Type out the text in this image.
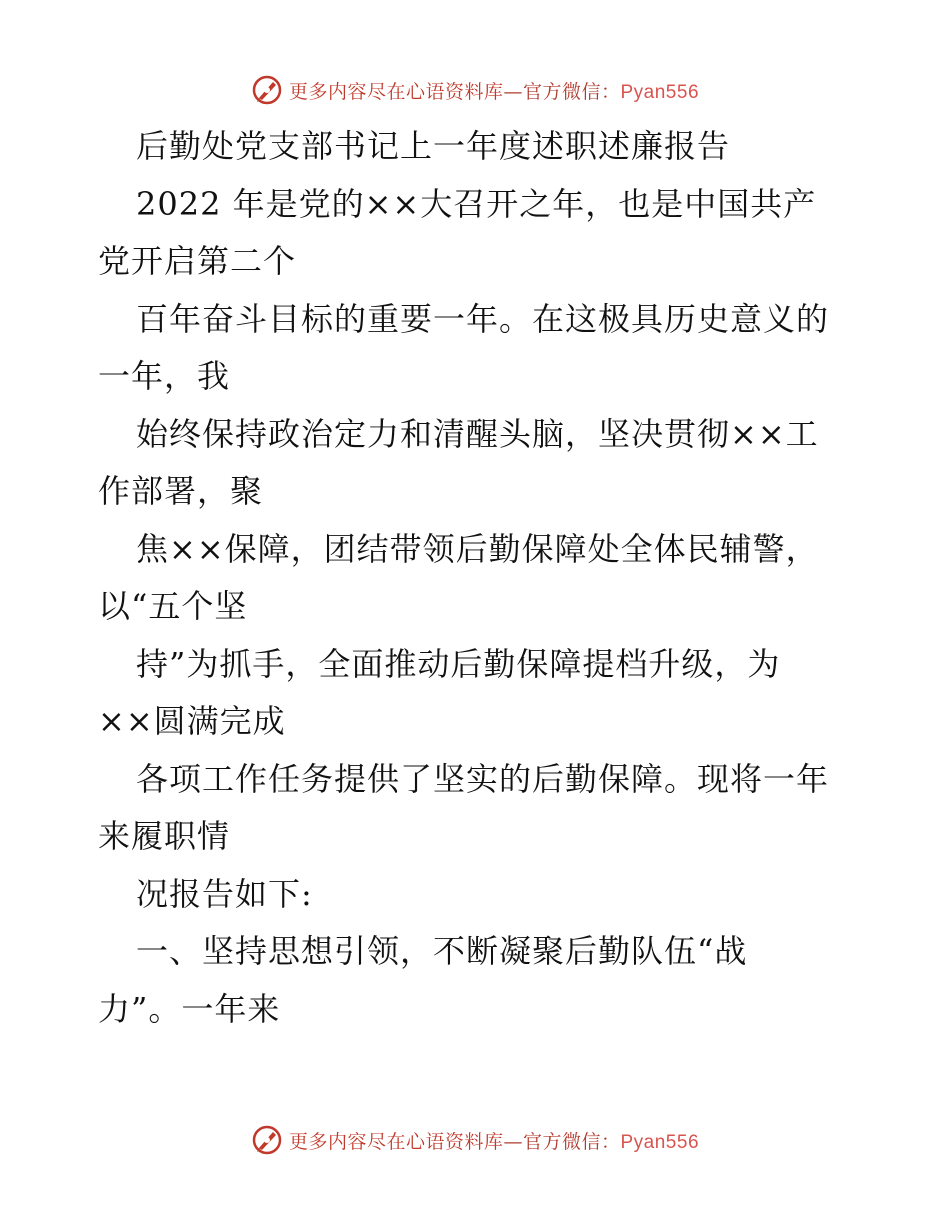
更多内容尽在心语资料库—官方微信：Pyan556
后勤处党支部书记上一年度述职述廉报告
2022 年是党的××大召开之年，也是中国共产
党开启第二个
百年奋斗目标的重要一年。在这极具历史意义的
一年，我
始终保持政治定力和清醒头脑，坚决贯彻××工
作部署，聚
焦××保障，团结带领后勤保障处全体民辅警，
以“五个坚
持”为抓手，全面推动后勤保障提档升级，为
××圆满完成
各项工作任务提供了坚实的后勤保障。现将一年
来履职情
况报告如下:
一、坚持思想引领，不断凝聚后勤队伍“战
力”。一年来
更多内容尽在心语资料库—官方微信：Pyan556
